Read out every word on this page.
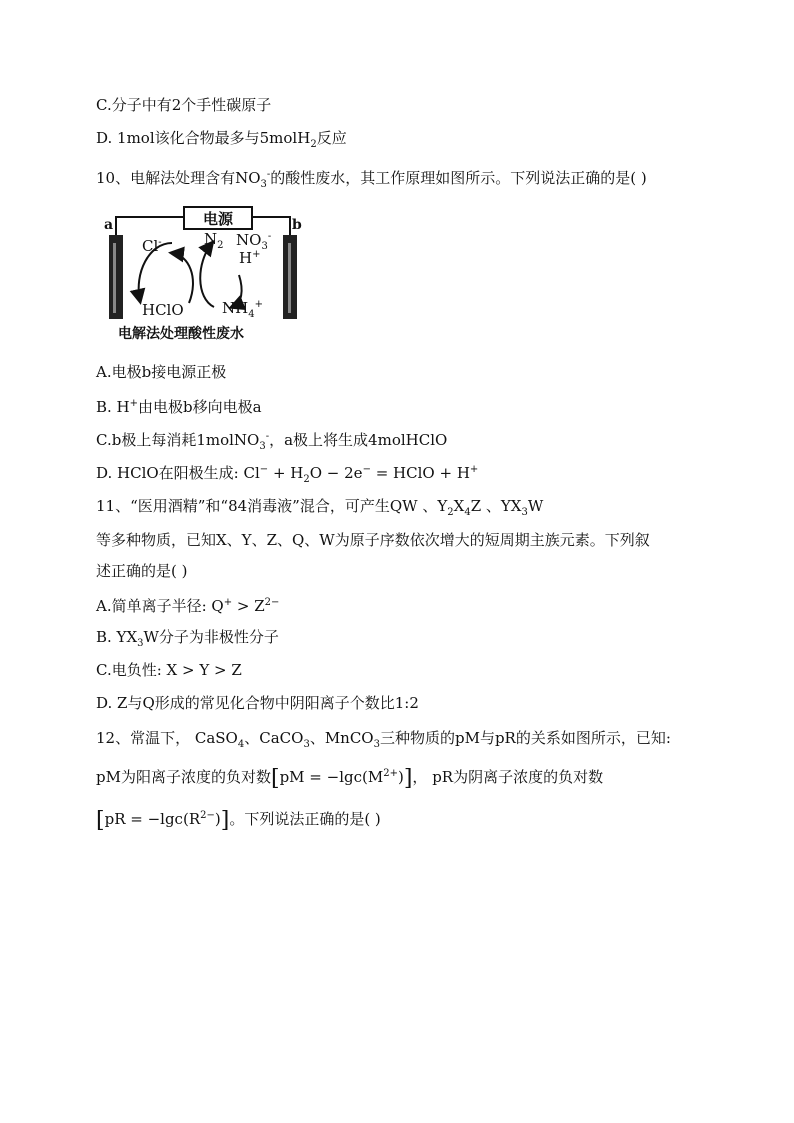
C.分子中有2个手性碳原子
D. 1mol该化合物最多与5molH$_2$反应
10、电解法处理含有$NO_3^-$的酸性废水，其工作原理如图所示。下列说法正确的是( )
电源
a	b
Cl-	$N_2$ $NO_3^-$
H+
HClO	$NH_4^+$
电解法处理酸性废水
A.电极b接电源正极
B. H+由电极b移向电极a
C.b极上每消耗1molNO$_3$-，a极上将生成4molHClO
D. HClO在阳极生成: $Cl^- + H_2O - 2e^-$ = HClO + H+
11、“医用酒精”和“84消毒液”混合，可产生QW 、$Y_2X_4Z$ 、$YX_3W$
等多种物质，已知X、Y、Z、Q、W为原子序数依次增大的短周期主族元素。下列叙
述正确的是( )
A.简单离子半径: $Q^+ > Z^{2-}$
B. $YX_3W$分子为非极性分子
C.电负性: X > Y > Z
D. Z与Q形成的常见化合物中阴阳离子个数比1:2
12、常温下， CaSO$_4$、CaCO$_3$、MnCO$_3$三种物质的pM与pR的关系如图所示，已知:
pM为阳离子浓度的负对数$[pM = -\lg c(M^{2+})]$， pR为阴离子浓度的负对数
$[pR = -\lg c(R^{2-})]$。下列说法正确的是( )
